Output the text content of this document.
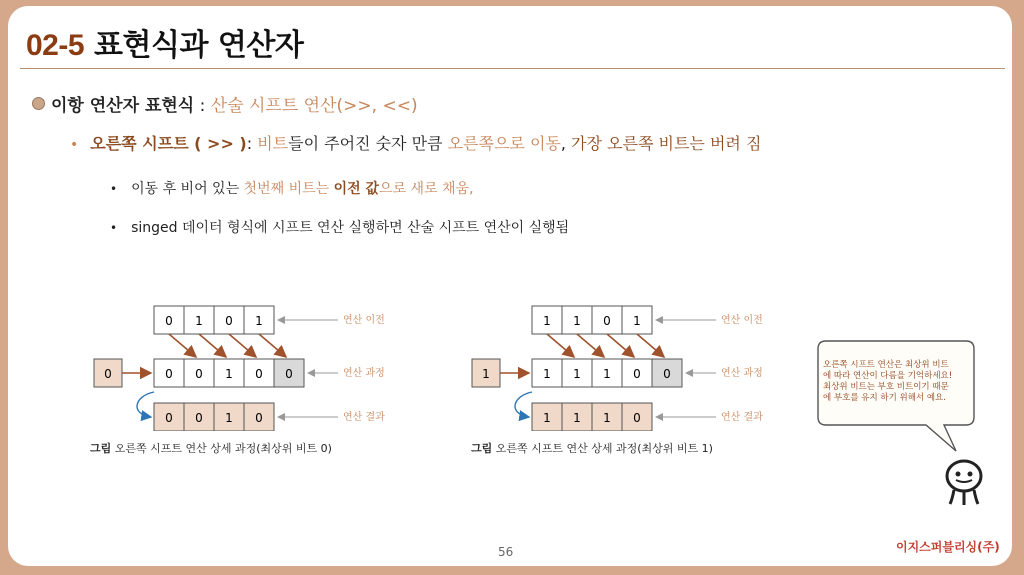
02-5 표현식과 연산자
이항 연산자 표현식 : 산술 시프트 연산(>>, <<)
• 오른쪽 시프트 ( >> ): 비트들이 주어진 숫자 만큼 오른쪽으로 이동, 가장 오른쪽 비트는 버려 짐
• 이동 후 비어 있는 첫번째 비트는 이전 값으로 새로 채움,
• singed 데이터 형식에 시프트 연산 실행하면 산술 시프트 연산이 실행됨
0 1 0 1
0	0 0 1 0 0
0 0 1 0
연산 이전
연산 과정
연산 결과
그림 오른쪽 시프트 연산 상세 과정(최상위 비트 0)
1 1 0 1
1	1 1 1 0 0
1 1 1 0
연산 이전
연산 과정
연산 결과
그림 오른쪽 시프트 연산 상세 과정(최상위 비트 1)
오른쪽 시프트 연산은 최상위 비트
에 따라 연산이 다름을 기억하세요!
최상위 비트는 부호 비트이기 때문
에 부호를 유지 하기 위해서 예요.
56	이지스퍼블리싱(주)
